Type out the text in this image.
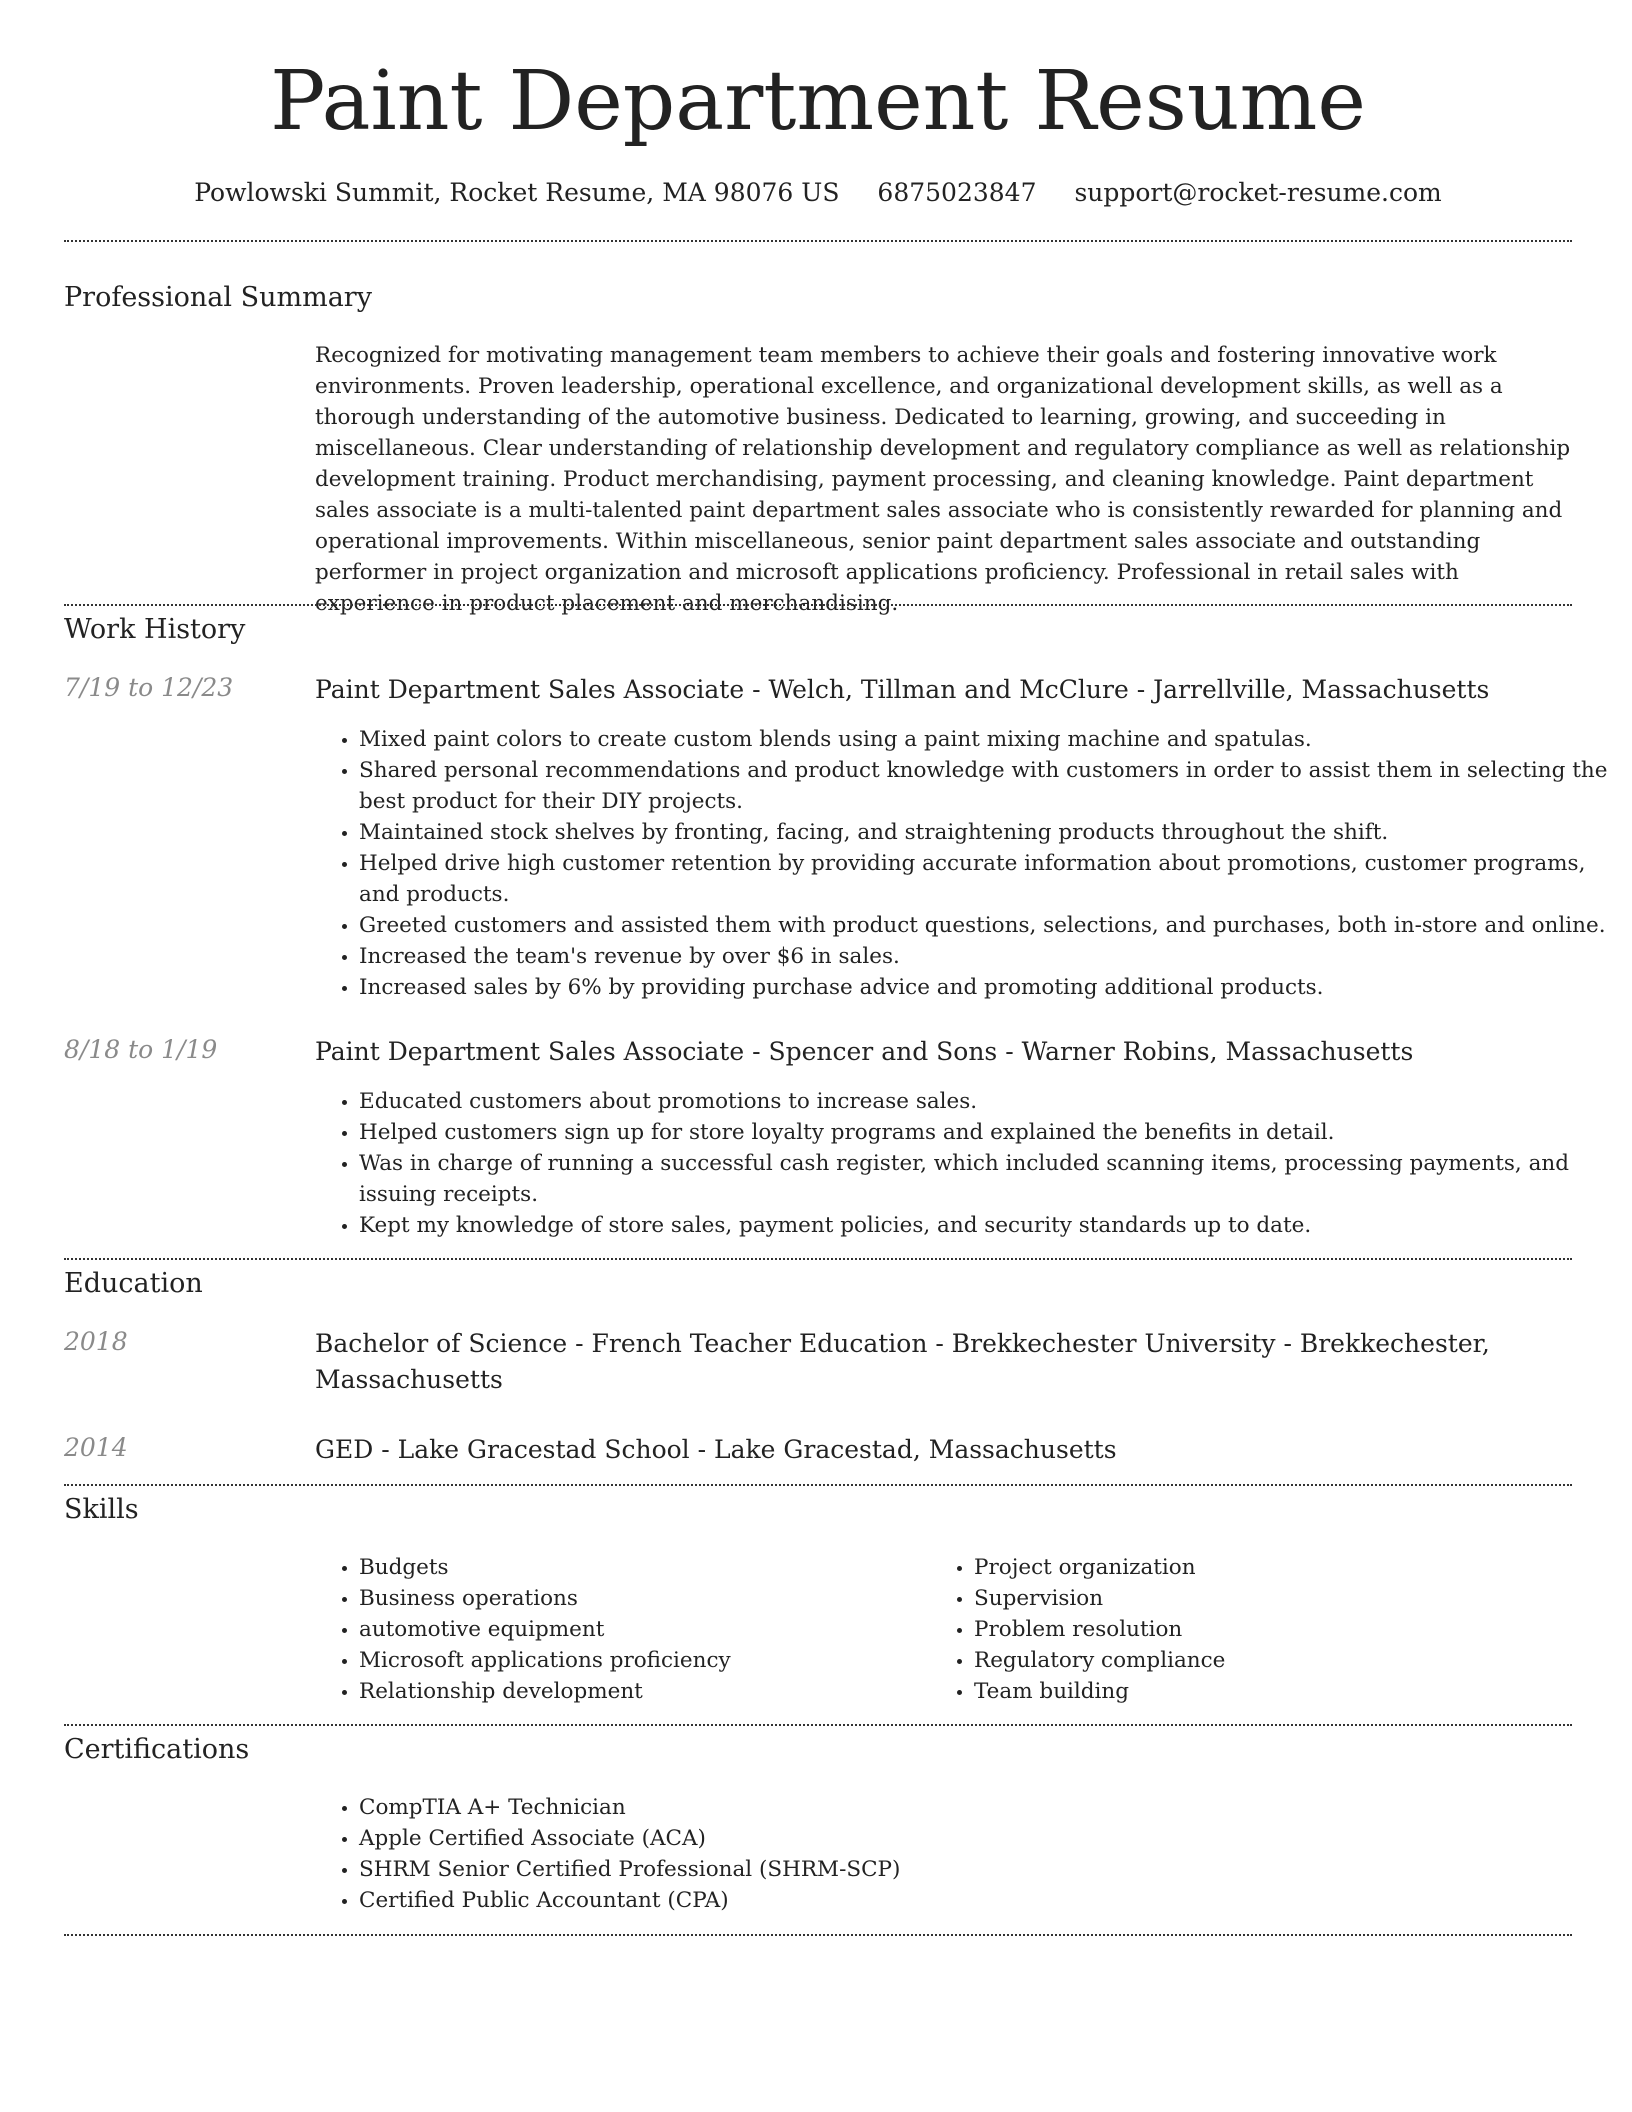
Paint Department Resume
Powlowski Summit, Rocket Resume, MA 98076 US 6875023847 support@rocket-resume.com
Professional Summary
Recognized for motivating management team members to achieve their goals and fostering innovative work environments. Proven leadership, operational excellence, and organizational development skills, as well as a thorough understanding of the automotive business. Dedicated to learning, growing, and succeeding in miscellaneous. Clear understanding of relationship development and regulatory compliance as well as relationship development training. Product merchandising, payment processing, and cleaning knowledge. Paint department sales associate is a multi-talented paint department sales associate who is consistently rewarded for planning and operational improvements. Within miscellaneous, senior paint department sales associate and outstanding performer in project organization and microsoft applications proficiency. Professional in retail sales with experience in product placement and merchandising.
Work History
7/19 to 12/23	Paint Department Sales Associate - Welch, Tillman and McClure - Jarrellville, Massachusetts
• Mixed paint colors to create custom blends using a paint mixing machine and spatulas.
• Shared personal recommendations and product knowledge with customers in order to assist them in selecting the best product for their DIY projects.
• Maintained stock shelves by fronting, facing, and straightening products throughout the shift.
• Helped drive high customer retention by providing accurate information about promotions, customer programs, and products.
• Greeted customers and assisted them with product questions, selections, and purchases, both in-store and online.
• Increased the team's revenue by over $6 in sales.
• Increased sales by 6% by providing purchase advice and promoting additional products.
8/18 to 1/19	Paint Department Sales Associate - Spencer and Sons - Warner Robins, Massachusetts
• Educated customers about promotions to increase sales.
• Helped customers sign up for store loyalty programs and explained the benefits in detail.
• Was in charge of running a successful cash register, which included scanning items, processing payments, and issuing receipts.
• Kept my knowledge of store sales, payment policies, and security standards up to date.
Education
2018	Bachelor of Science - French Teacher Education - Brekkechester University - Brekkechester,
Massachusetts
2014	GED - Lake Gracestad School - Lake Gracestad, Massachusetts
Skills
• Budgets
• Business operations
• automotive equipment
• Microsoft applications proficiency
• Relationship development
• Project organization
• Supervision
• Problem resolution
• Regulatory compliance
• Team building
Certifications
• CompTIA A+ Technician
• Apple Certified Associate (ACA)
• SHRM Senior Certified Professional (SHRM-SCP)
• Certified Public Accountant (CPA)
